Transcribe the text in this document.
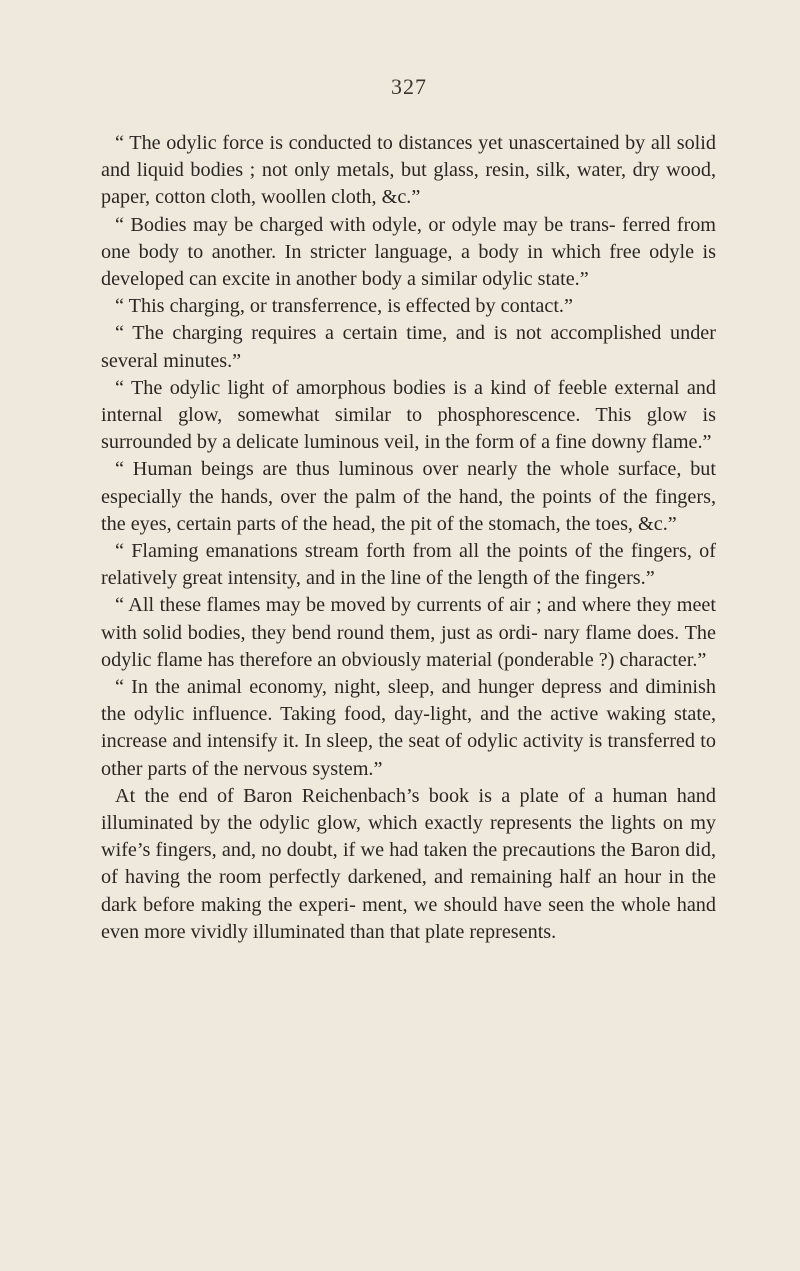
327

“ The odylic force is conducted to distances yet unascertained by all solid and liquid bodies ; not only metals, but glass, resin, silk, water, dry wood, paper, cotton cloth, woollen cloth, &c.”

“ Bodies may be charged with odyle, or odyle may be trans- ferred from one body to another. In stricter language, a body in which free odyle is developed can excite in another body a similar odylic state.”

“ This charging, or transferrence, is effected by contact.”

“ The charging requires a certain time, and is not accomplished under several minutes.”

“ The odylic light of amorphous bodies is a kind of feeble external and internal glow, somewhat similar to phosphorescence. This glow is surrounded by a delicate luminous veil, in the form of a fine downy flame.”

“ Human beings are thus luminous over nearly the whole surface, but especially the hands, over the palm of the hand, the points of the fingers, the eyes, certain parts of the head, the pit of the stomach, the toes, &c.”

“ Flaming emanations stream forth from all the points of the fingers, of relatively great intensity, and in the line of the length of the fingers.”

“ All these flames may be moved by currents of air ; and where they meet with solid bodies, they bend round them, just as ordi- nary flame does. The odylic flame has therefore an obviously material (ponderable ?) character.”

“ In the animal economy, night, sleep, and hunger depress and diminish the odylic influence. Taking food, day-light, and the active waking state, increase and intensify it. In sleep, the seat of odylic activity is transferred to other parts of the nervous system.”

At the end of Baron Reichenbach’s book is a plate of a human hand illuminated by the odylic glow, which exactly represents the lights on my wife’s fingers, and, no doubt, if we had taken the precautions the Baron did, of having the room perfectly darkened, and remaining half an hour in the dark before making the experi- ment, we should have seen the whole hand even more vividly illuminated than that plate represents.
